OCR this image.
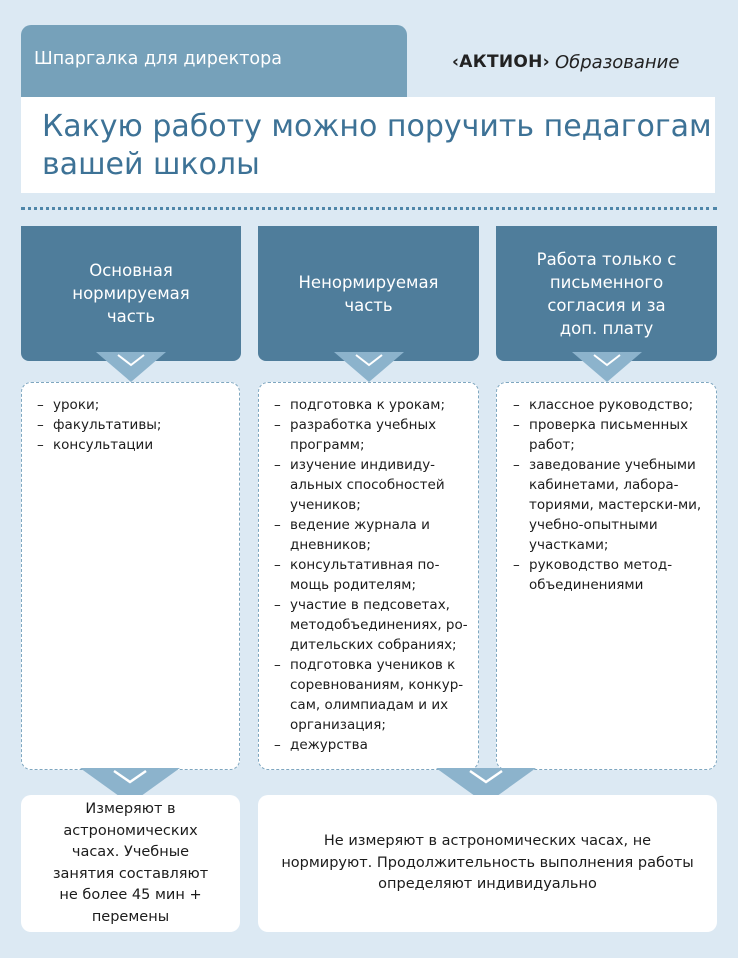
Шпаргалка для директора	‹АКТИОН› Образование
Какую работу можно поручить педагогам вашей школы
Основная нормируемая часть
Ненормируемая часть
Работа только с письменного согласия и за доп. плату
– уроки;
– факультативы;
– консультации
– подготовка к урокам;
– разработка учебных программ;
– изучение индивиду-альных способностей учеников;
– ведение журнала и дневников;
– консультативная по-мощь родителям;
– участие в педсоветах, методобъединениях, ро-дительских собраниях;
– подготовка учеников к соревнованиям, конкур-сам, олимпиадам и их организация;
– дежурства
– классное руководство;
– проверка письменных работ;
– заведование учебными кабинетами, лабора-ториями, мастерски-ми, учебно-опытными участками;
– руководство метод-объединениями
Измеряют в астрономических часах. Учебные занятия составляют не более 45 мин + перемены
Не измеряют в астрономических часах, не нормируют. Продолжительность выполнения работы определяют индивидуально
